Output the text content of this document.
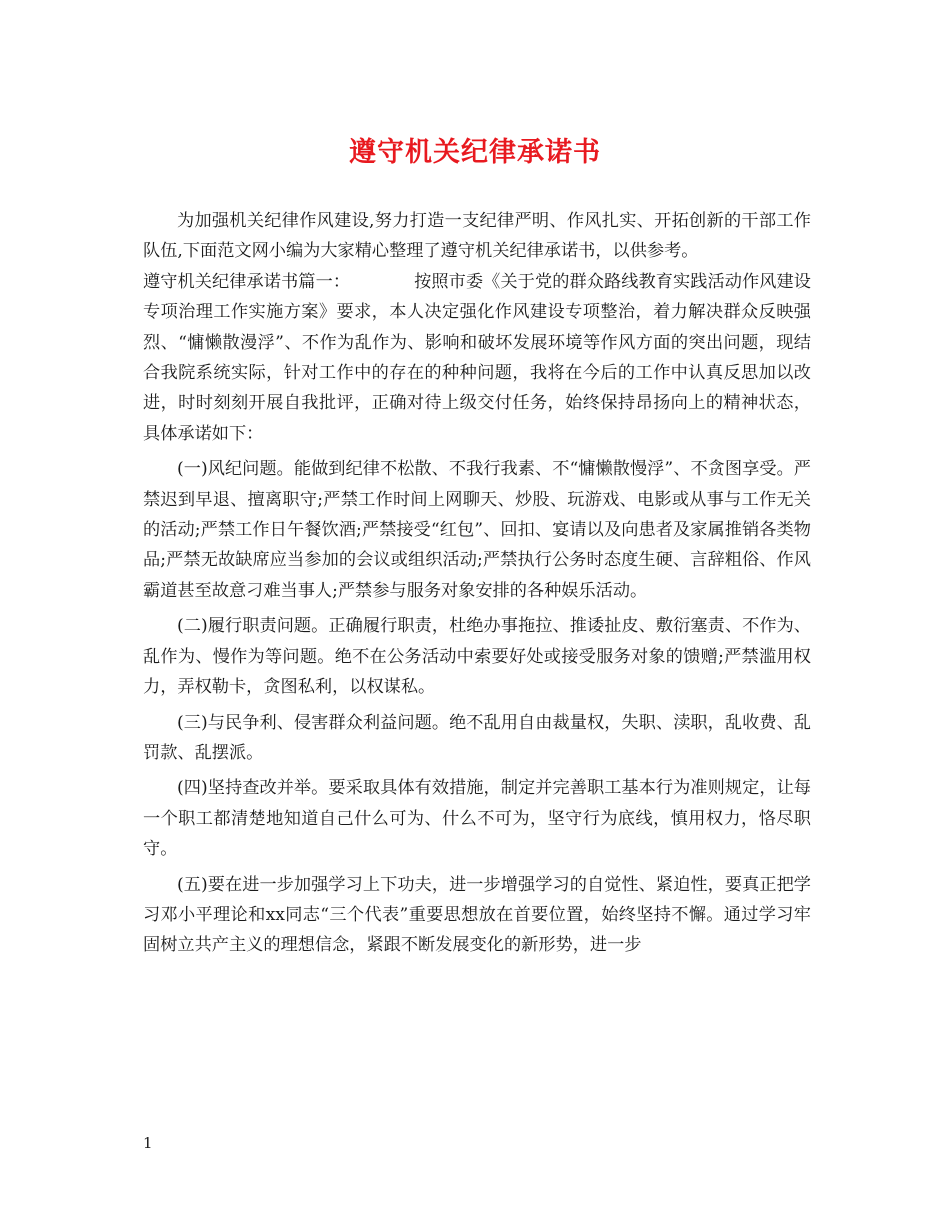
遵守机关纪律承诺书

为加强机关纪律作风建设,努力打造一支纪律严明、作风扎实、开拓创新的干部工作队伍,下面范文网小编为大家精心整理了遵守机关纪律承诺书，以供参考。

遵守机关纪律承诺书篇一：	按照市委《关于党的群众路线教育实践活动作风建设专项治理工作实施方案》要求，本人决定强化作风建设专项整治，着力解决群众反映强烈、“慵懒散漫浮”、不作为乱作为、影响和破坏发展环境等作风方面的突出问题，现结合我院系统实际，针对工作中的存在的种种问题，我将在今后的工作中认真反思加以改进，时时刻刻开展自我批评，正确对待上级交付任务，始终保持昂扬向上的精神状态，具体承诺如下：

(一)风纪问题。能做到纪律不松散、不我行我素、不“慵懒散慢浮”、不贪图享受。严禁迟到早退、擅离职守;严禁工作时间上网聊天、炒股、玩游戏、电影或从事与工作无关的活动;严禁工作日午餐饮酒;严禁接受“红包”、回扣、宴请以及向患者及家属推销各类物品;严禁无故缺席应当参加的会议或组织活动;严禁执行公务时态度生硬、言辞粗俗、作风霸道甚至故意刁难当事人;严禁参与服务对象安排的各种娱乐活动。

(二)履行职责问题。正确履行职责，杜绝办事拖拉、推诿扯皮、敷衍塞责、不作为、乱作为、慢作为等问题。绝不在公务活动中索要好处或接受服务对象的馈赠;严禁滥用权力，弄权勒卡，贪图私利，以权谋私。

(三)与民争利、侵害群众利益问题。绝不乱用自由裁量权，失职、渎职，乱收费、乱罚款、乱摆派。

(四)坚持查改并举。要采取具体有效措施，制定并完善职工基本行为准则规定，让每一个职工都清楚地知道自己什么可为、什么不可为，坚守行为底线，慎用权力，恪尽职守。

(五)要在进一步加强学习上下功夫，进一步增强学习的自觉性、紧迫性，要真正把学习邓小平理论和xx同志“三个代表”重要思想放在首要位置，始终坚持不懈。通过学习牢固树立共产主义的理想信念，紧跟不断发展变化的新形势，进一步

1
